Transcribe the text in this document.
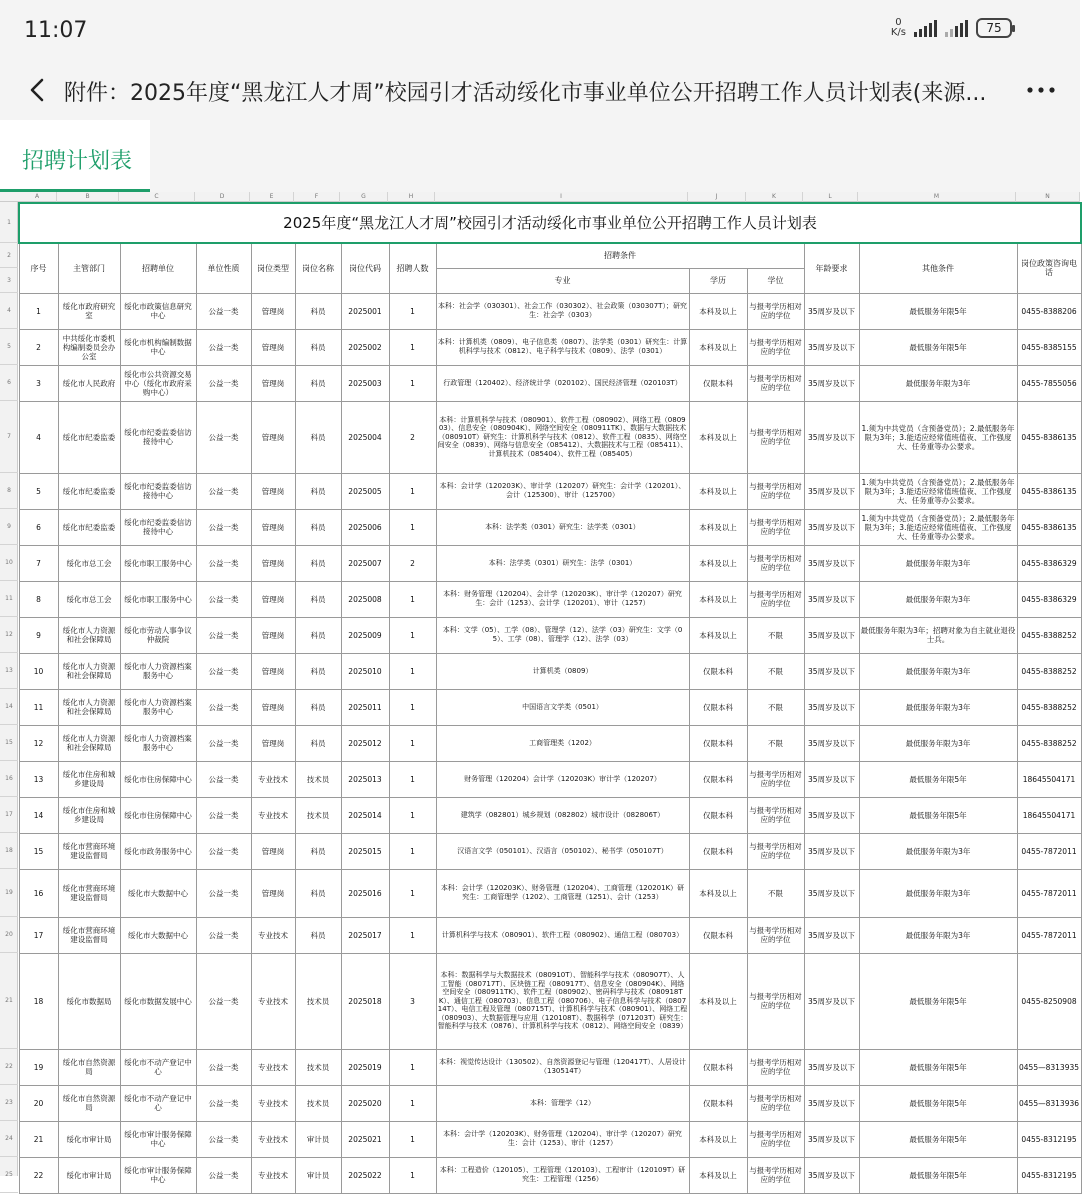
11:07	0
K/s	75
附件：2025年度“黑龙江人才周”校园引才活动绥化市事业单位公开招聘工作人员计划表(来源...
招聘计划表
A	B	C	D	E	F	G	H	I	J	K	L	M	N
1
2
3
4
5
6
7
8
9
10
11
12
13
14
15
16
17
18
19
20
21
22
23
24
25
2025年度“黑龙江人才周”校园引才活动绥化市事业单位公开招聘工作人员计划表													
序号	主管部门	招聘单位	单位性质	岗位类型	岗位名称	岗位代码	招聘人数	招聘条件			年龄要求	其他条件	岗位政策咨询电话
								专业	学历	学位			
1	绥化市政府研究室	绥化市政策信息研究中心	公益一类	管理岗	科员	2025001	1	本科：社会学（030301）、社会工作（030302）、社会政策（030307T）；研究生：社会学（0303）	本科及以上	与报考学历相对应的学位	35周岁及以下	最低服务年限5年	0455-8388206
2	中共绥化市委机构编制委员会办公室	绥化市机构编制数据中心	公益一类	管理岗	科员	2025002	1	本科：计算机类（0809）、电子信息类（0807）、法学类（0301）研究生：计算机科学与技术（0812）、电子科学与技术（0809）、法学（0301）	本科及以上	与报考学历相对应的学位	35周岁及以下	最低服务年限5年	0455-8385155
3	绥化市人民政府	绥化市公共资源交易中心（绥化市政府采购中心）	公益一类	管理岗	科员	2025003	1	行政管理（120402）、经济统计学（020102）、国民经济管理（020103T）	仅限本科	与报考学历相对应的学位	35周岁及以下	最低服务年限为3年	0455-7855056
4	绥化市纪委监委	绥化市纪委监委信访接待中心	公益一类	管理岗	科员	2025004	2	本科：计算机科学与技术（080901）、软件工程（080902）、网络工程（080903）、信息安全（080904K）、网络空间安全（080911TK）、数据与大数据技术（080910T）研究生：计算机科学与技术（0812）、软件工程（0835）、网络空间安全（0839）、网络与信息安全（085412）、大数据技术与工程（085411）、计算机技术（085404）、软件工程（085405）	本科及以上	与报考学历相对应的学位	35周岁及以下	1.须为中共党员（含预备党员）；2.最低服务年限为3年；3.能适应经常值班值夜、工作强度大、任务重等办公要求。	0455-8386135
5	绥化市纪委监委	绥化市纪委监委信访接待中心	公益一类	管理岗	科员	2025005	1	本科：会计学（120203K）、审计学（120207）研究生：会计学（120201）、会计（125300）、审计（125700）	本科及以上	与报考学历相对应的学位	35周岁及以下	1.须为中共党员（含预备党员）；2.最低服务年限为3年；3.能适应经常值班值夜、工作强度大、任务重等办公要求。	0455-8386135
6	绥化市纪委监委	绥化市纪委监委信访接待中心	公益一类	管理岗	科员	2025006	1	本科：法学类（0301）研究生：法学类（0301）	本科及以上	与报考学历相对应的学位	35周岁及以下	1.须为中共党员（含预备党员）；2.最低服务年限为3年；3.能适应经常值班值夜、工作强度大、任务重等办公要求。	0455-8386135
7	绥化市总工会	绥化市职工服务中心	公益一类	管理岗	科员	2025007	2	本科：法学类（0301）研究生：法学（0301）	本科及以上	与报考学历相对应的学位	35周岁及以下	最低服务年限为3年	0455-8386329
8	绥化市总工会	绥化市职工服务中心	公益一类	管理岗	科员	2025008	1	本科：财务管理（120204）、会计学（120203K）、审计学（120207）研究生：会计（1253）、会计学（120201）、审计（1257）	本科及以上	与报考学历相对应的学位	35周岁及以下	最低服务年限为3年	0455-8386329
9	绥化市人力资源和社会保障局	绥化市劳动人事争议仲裁院	公益一类	管理岗	科员	2025009	1	本科：文学（05）、工学（08）、管理学（12）、法学（03）研究生：文学（05）、工学（08）、管理学（12）、法学（03）	本科及以上	不限	35周岁及以下	最低服务年限为3年；招聘对象为自主就业退役士兵。	0455-8388252
10	绥化市人力资源和社会保障局	绥化市人力资源档案服务中心	公益一类	管理岗	科员	2025010	1	计算机类（0809）	仅限本科	不限	35周岁及以下	最低服务年限为3年	0455-8388252
11	绥化市人力资源和社会保障局	绥化市人力资源档案服务中心	公益一类	管理岗	科员	2025011	1	中国语言文学类（0501）	仅限本科	不限	35周岁及以下	最低服务年限为3年	0455-8388252
12	绥化市人力资源和社会保障局	绥化市人力资源档案服务中心	公益一类	管理岗	科员	2025012	1	工商管理类（1202）	仅限本科	不限	35周岁及以下	最低服务年限为3年	0455-8388252
13	绥化市住房和城乡建设局	绥化市住房保障中心	公益一类	专业技术	技术员	2025013	1	财务管理（120204）会计学（120203K）审计学（120207）	仅限本科	与报考学历相对应的学位	35周岁及以下	最低服务年限5年	18645504171
14	绥化市住房和城乡建设局	绥化市住房保障中心	公益一类	专业技术	技术员	2025014	1	建筑学（082801）城乡规划（082802）城市设计（082806T）	仅限本科	与报考学历相对应的学位	35周岁及以下	最低服务年限5年	18645504171
15	绥化市营商环境建设监督局	绥化市政务服务中心	公益一类	管理岗	科员	2025015	1	汉语言文学（050101）、汉语言（050102）、秘书学（050107T）	仅限本科	与报考学历相对应的学位	35周岁及以下	最低服务年限为3年	0455-7872011
16	绥化市营商环境建设监督局	绥化市大数据中心	公益一类	管理岗	科员	2025016	1	本科：会计学（120203K）、财务管理（120204）、工商管理（120201K）研究生：工商管理学（1202）、工商管理（1251）、会计（1253）	本科及以上	不限	35周岁及以下	最低服务年限为3年	0455-7872011
17	绥化市营商环境建设监督局	绥化市大数据中心	公益一类	专业技术	科员	2025017	1	计算机科学与技术（080901）、软件工程（080902）、通信工程（080703）	仅限本科	与报考学历相对应的学位	35周岁及以下	最低服务年限为3年	0455-7872011
18	绥化市数据局	绥化市数据发展中心	公益一类	专业技术	技术员	2025018	3	本科：数据科学与大数据技术（080910T）、智能科学与技术（080907T）、人工智能（080717T）、区块链工程（080917T）、信息安全（080904K）、网络空间安全（080911TK）、软件工程（080902）、密码科学与技术（080918TK）、通信工程（080703）、信息工程（080706）、电子信息科学与技术（080714T）、电信工程及管理（080715T）、计算机科学与技术（080901）、网络工程（080903）、大数据管理与应用（120108T）、数据科学（071203T）研究生：智能科学与技术（0876）、计算机科学与技术（0812）、网络空间安全（0839）	本科及以上	与报考学历相对应的学位	35周岁及以下	最低服务年限5年	0455-8250908
19	绥化市自然资源局	绥化市不动产登记中心	公益一类	专业技术	技术员	2025019	1	本科：视觉传达设计（130502）、自然资源登记与管理（120417T）、人居设计（130514T）	仅限本科	与报考学历相对应的学位	35周岁及以下	最低服务年限5年	0455—8313935
20	绥化市自然资源局	绥化市不动产登记中心	公益一类	专业技术	技术员	2025020	1	本科：管理学（12）	仅限本科	与报考学历相对应的学位	35周岁及以下	最低服务年限5年	0455—8313936
21	绥化市审计局	绥化市审计服务保障中心	公益一类	专业技术	审计员	2025021	1	本科：会计学（120203K）、财务管理（120204）、审计学（120207）研究生：会计（1253）、审计（1257）	本科及以上	与报考学历相对应的学位	35周岁及以下	最低服务年限5年	0455-8312195
22	绥化市审计局	绥化市审计服务保障中心	公益一类	专业技术	审计员	2025022	1	本科：工程造价（120105）、工程管理（120103）、工程审计（120109T）研究生：工程管理（1256）	本科及以上	与报考学历相对应的学位	35周岁及以下	最低服务年限5年	0455-8312195
